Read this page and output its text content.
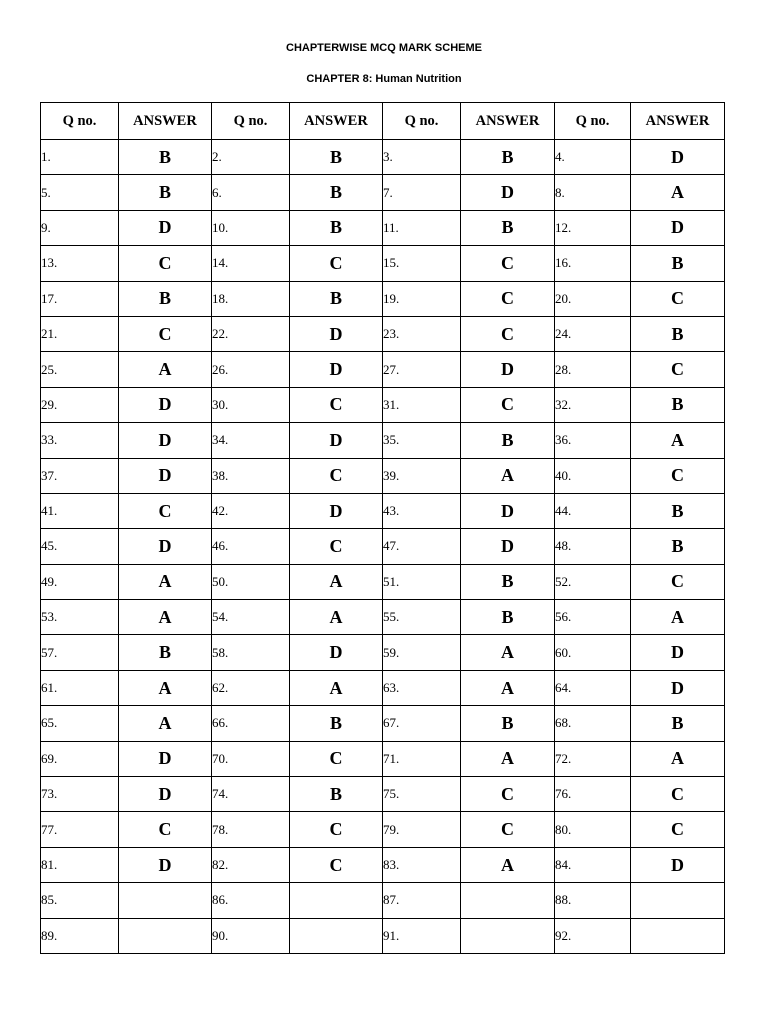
CHAPTERWISE MCQ MARK SCHEME
CHAPTER 8: Human Nutrition
Q no.	ANSWER	Q no.	ANSWER	Q no.	ANSWER	Q no.	ANSWER
1.	B	2.	B	3.	B	4.	D
5.	B	6.	B	7.	D	8.	A
9.	D	10.	B	11.	B	12.	D
13.	C	14.	C	15.	C	16.	B
17.	B	18.	B	19.	C	20.	C
21.	C	22.	D	23.	C	24.	B
25.	A	26.	D	27.	D	28.	C
29.	D	30.	C	31.	C	32.	B
33.	D	34.	D	35.	B	36.	A
37.	D	38.	C	39.	A	40.	C
41.	C	42.	D	43.	D	44.	B
45.	D	46.	C	47.	D	48.	B
49.	A	50.	A	51.	B	52.	C
53.	A	54.	A	55.	B	56.	A
57.	B	58.	D	59.	A	60.	D
61.	A	62.	A	63.	A	64.	D
65.	A	66.	B	67.	B	68.	B
69.	D	70.	C	71.	A	72.	A
73.	D	74.	B	75.	C	76.	C
77.	C	78.	C	79.	C	80.	C
81.	D	82.	C	83.	A	84.	D
85.		86.		87.		88.	
89.		90.		91.		92.	
